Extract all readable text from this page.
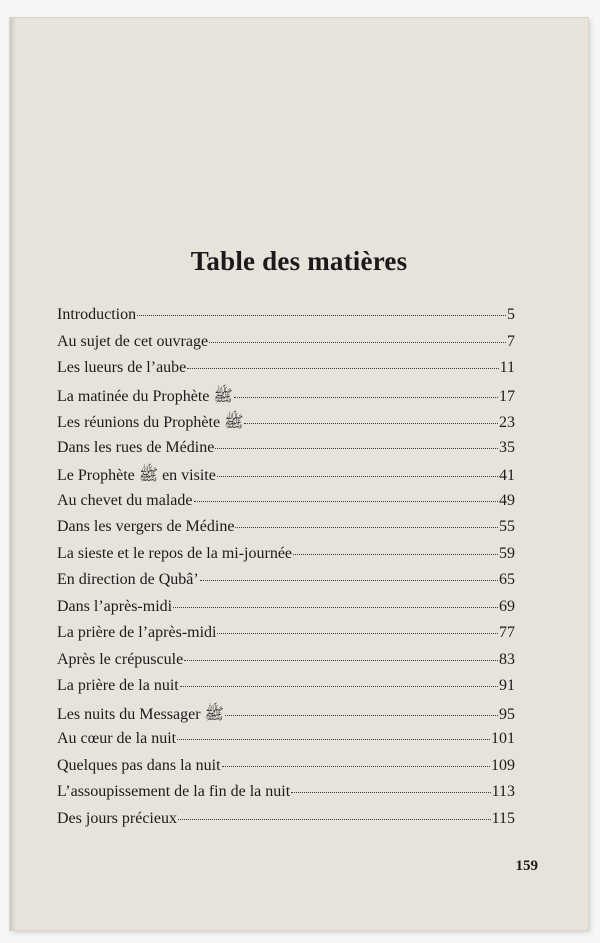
Table des matières
Introduction	5
Au sujet de cet ouvrage	7
Les lueurs de l’aube	11
La matinée du Prophète ﷺ	17
Les réunions du Prophète ﷺ	23
Dans les rues de Médine	35
Le Prophète ﷺ en visite	41
Au chevet du malade	49
Dans les vergers de Médine	55
La sieste et le repos de la mi-journée	59
En direction de Qubâ’	65
Dans l’après-midi	69
La prière de l’après-midi	77
Après le crépuscule	83
La prière de la nuit	91
Les nuits du Messager ﷺ	95
Au cœur de la nuit	101
Quelques pas dans la nuit	109
L’assoupissement de la fin de la nuit	113
Des jours précieux	115
159
